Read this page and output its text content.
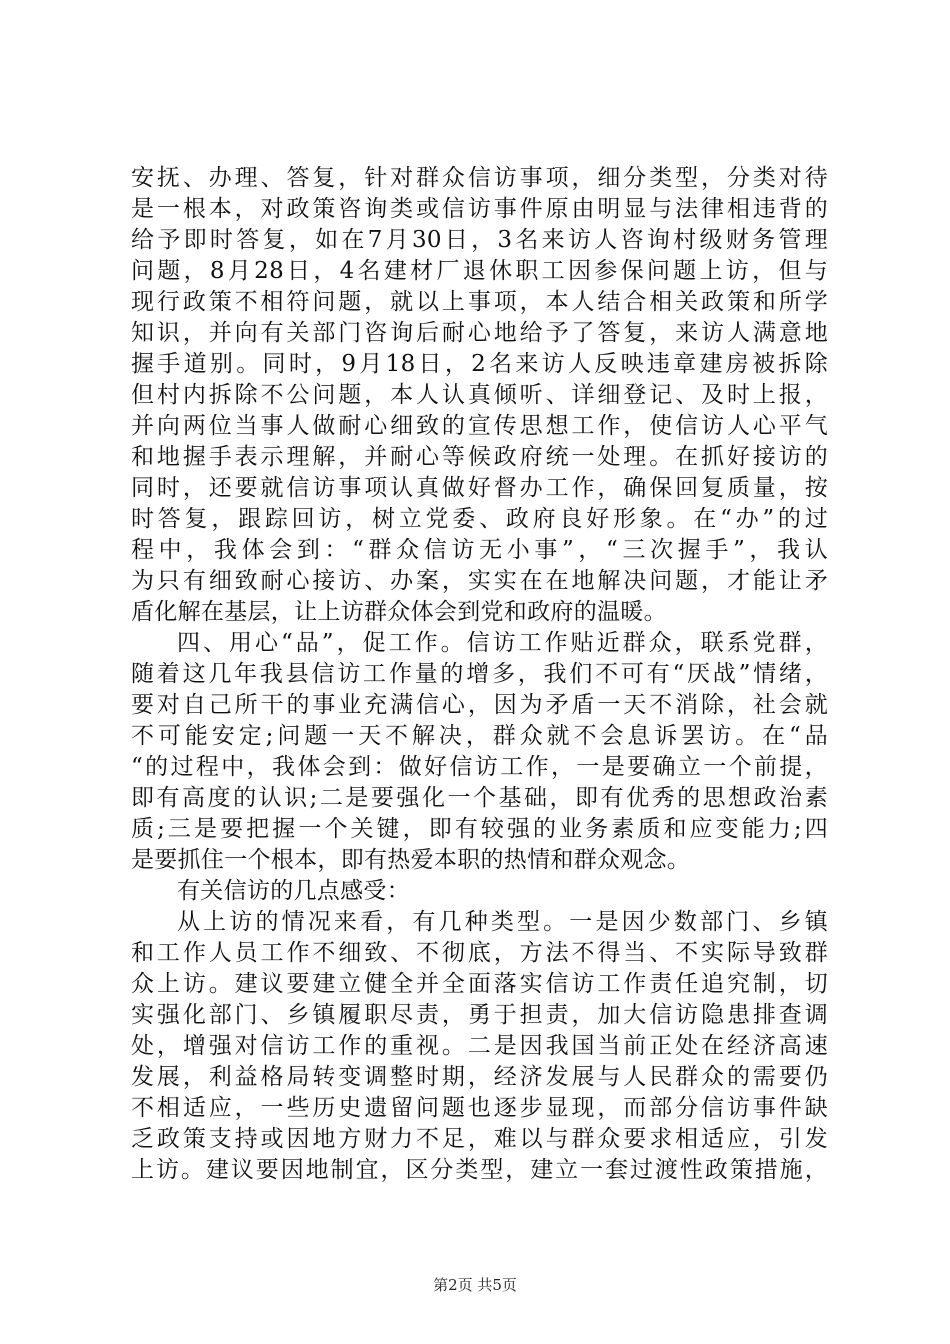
安抚、办理、答复，针对群众信访事项，细分类型，分类对待
是一根本，对政策咨询类或信访事件原由明显与法律相违背的
给予即时答复，如在7月30日，3名来访人咨询村级财务管理
问题，8月28日，4名建材厂退休职工因参保问题上访，但与
现行政策不相符问题，就以上事项，本人结合相关政策和所学
知识，并向有关部门咨询后耐心地给予了答复，来访人满意地
握手道别。同时，9月18日，2名来访人反映违章建房被拆除
但村内拆除不公问题，本人认真倾听、详细登记、及时上报，
并向两位当事人做耐心细致的宣传思想工作，使信访人心平气
和地握手表示理解，并耐心等候政府统一处理。在抓好接访的
同时，还要就信访事项认真做好督办工作，确保回复质量，按
时答复，跟踪回访，树立党委、政府良好形象。在“办”的过
程中，我体会到：“群众信访无小事”，“三次握手”，我认
为只有细致耐心接访、办案，实实在在地解决问题，才能让矛
盾化解在基层，让上访群众体会到党和政府的温暖。
四、用心“品”，促工作。信访工作贴近群众，联系党群，
随着这几年我县信访工作量的增多，我们不可有“厌战”情绪，
要对自己所干的事业充满信心，因为矛盾一天不消除，社会就
不可能安定;问题一天不解决，群众就不会息诉罢访。在“品
“的过程中，我体会到：做好信访工作，一是要确立一个前提，
即有高度的认识;二是要强化一个基础，即有优秀的思想政治素
质;三是要把握一个关键，即有较强的业务素质和应变能力;四
是要抓住一个根本，即有热爱本职的热情和群众观念。
有关信访的几点感受：
从上访的情况来看，有几种类型。一是因少数部门、乡镇
和工作人员工作不细致、不彻底，方法不得当、不实际导致群
众上访。建议要建立健全并全面落实信访工作责任追究制，切
实强化部门、乡镇履职尽责，勇于担责，加大信访隐患排查调
处，增强对信访工作的重视。二是因我国当前正处在经济高速
发展，利益格局转变调整时期，经济发展与人民群众的需要仍
不相适应，一些历史遗留问题也逐步显现，而部分信访事件缺
乏政策支持或因地方财力不足，难以与群众要求相适应，引发
上访。建议要因地制宜，区分类型，建立一套过渡性政策措施，
第2页 共5页
